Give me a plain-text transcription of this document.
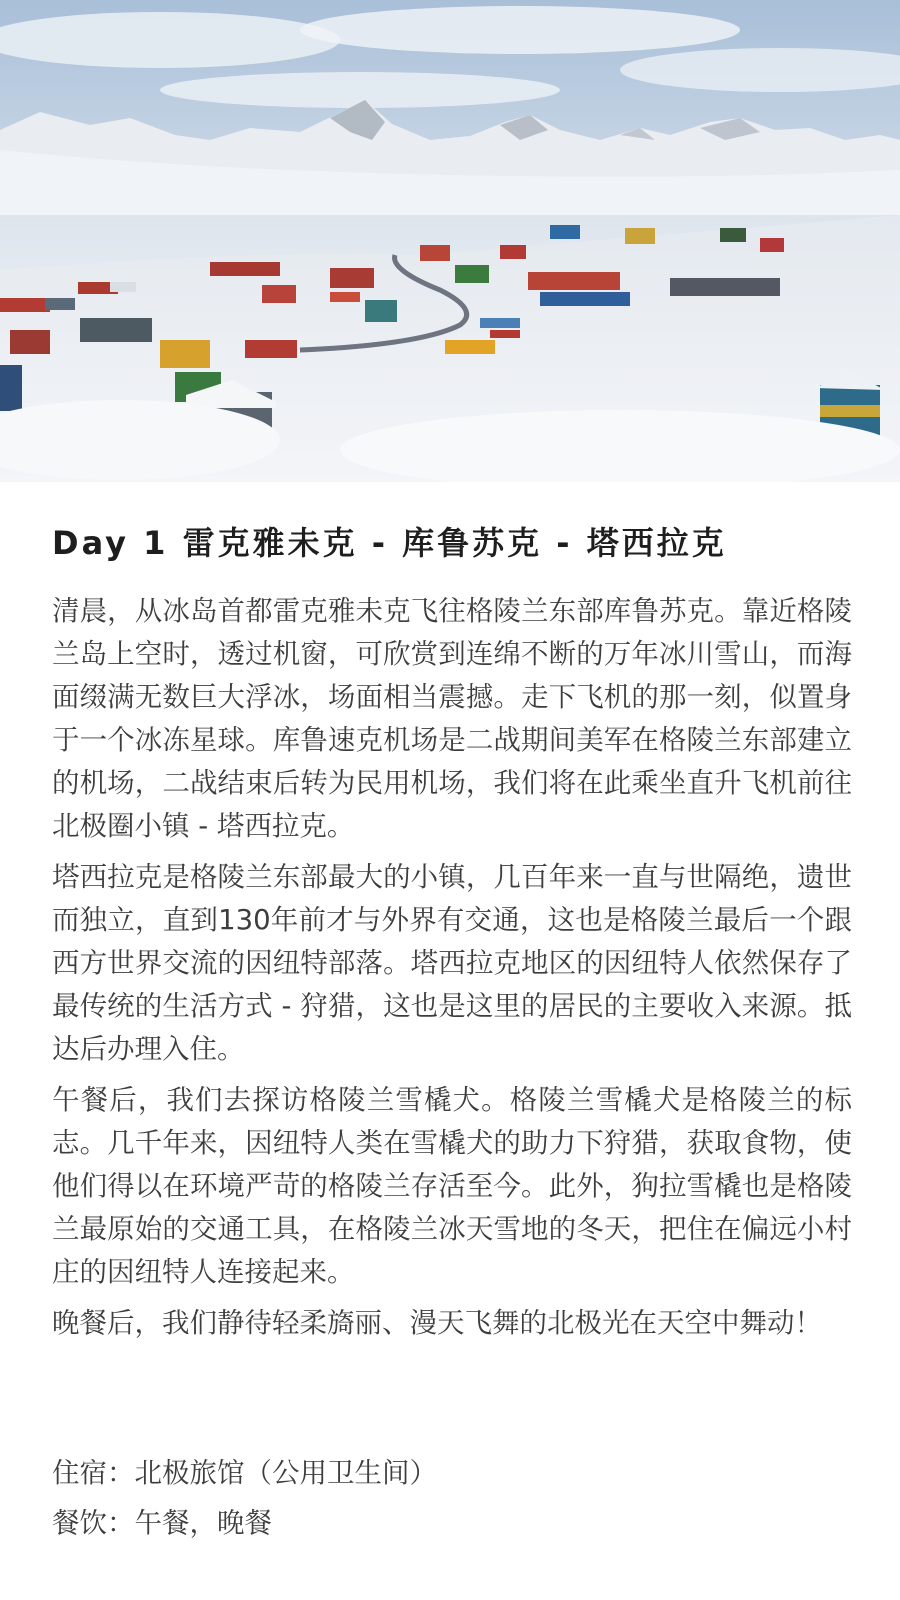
Day 1 雷克雅未克 - 库鲁苏克 - 塔西拉克

清晨，从冰岛首都雷克雅未克飞往格陵兰东部库鲁苏克。靠近格陵兰岛上空时，透过机窗，可欣赏到连绵不断的万年冰川雪山，而海面缀满无数巨大浮冰，场面相当震撼。走下飞机的那一刻，似置身于一个冰冻星球。库鲁速克机场是二战期间美军在格陵兰东部建立的机场，二战结束后转为民用机场，我们将在此乘坐直升飞机前往北极圈小镇 - 塔西拉克。

塔西拉克是格陵兰东部最大的小镇，几百年来一直与世隔绝，遗世而独立，直到130年前才与外界有交通，这也是格陵兰最后一个跟西方世界交流的因纽特部落。塔西拉克地区的因纽特人依然保存了最传统的生活方式 - 狩猎，这也是这里的居民的主要收入来源。抵达后办理入住。

午餐后，我们去探访格陵兰雪橇犬。格陵兰雪橇犬是格陵兰的标志。几千年来，因纽特人类在雪橇犬的助力下狩猎，获取食物，使他们得以在环境严苛的格陵兰存活至今。此外，狗拉雪橇也是格陵兰最原始的交通工具，在格陵兰冰天雪地的冬天，把住在偏远小村庄的因纽特人连接起来。

晚餐后，我们静待轻柔旖丽、漫天飞舞的北极光在天空中舞动！

住宿：北极旅馆（公用卫生间）

餐饮：午餐，晚餐
